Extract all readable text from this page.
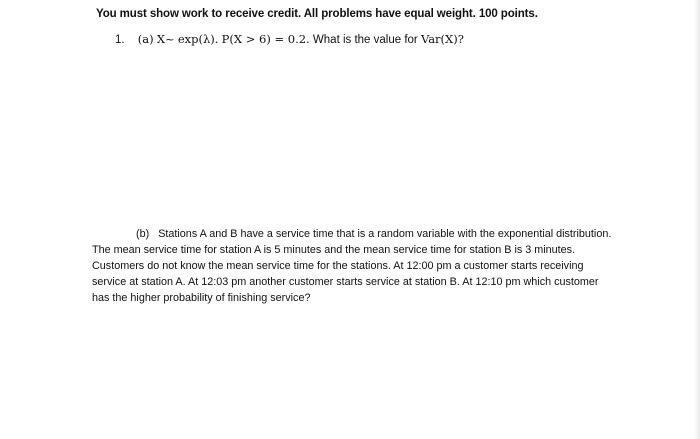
You must show work to receive credit. All problems have equal weight. 100 points.
1. (a) X~ exp(λ). P(X > 6) = 0.2. What is the value for Var(X)?

(b) Stations A and B have a service time that is a random variable with the exponential distribution. The mean service time for station A is 5 minutes and the mean service time for station B is 3 minutes. Customers do not know the mean service time for the stations. At 12:00 pm a customer starts receiving service at station A. At 12:03 pm another customer starts service at station B. At 12:10 pm which customer has the higher probability of finishing service?
